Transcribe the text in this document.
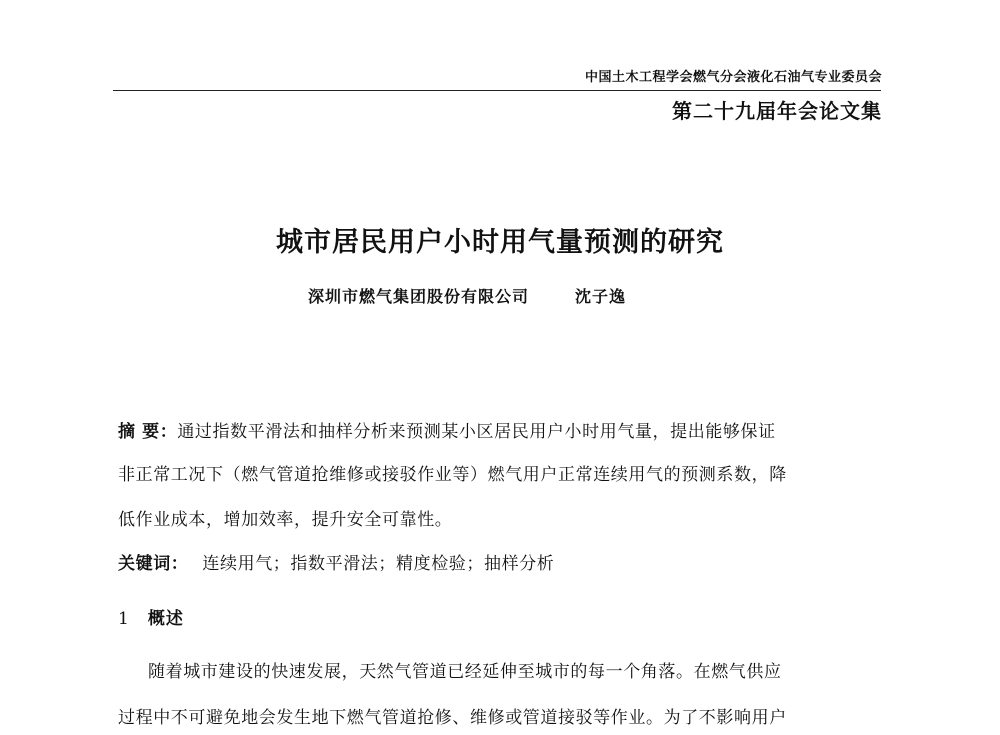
中国土木工程学会燃气分会液化石油气专业委员会
第二十九届年会论文集
城市居民用户小时用气量预测的研究
深圳市燃气集团股份有限公司	沈子逸
摘 要：通过指数平滑法和抽样分析来预测某小区居民用户小时用气量，提出能够保证
非正常工况下（燃气管道抢维修或接驳作业等）燃气用户正常连续用气的预测系数，降
低作业成本，增加效率，提升安全可靠性。
关键词： 连续用气；指数平滑法；精度检验；抽样分析
1 概述
随着城市建设的快速发展，天然气管道已经延伸至城市的每一个角落。在燃气供应
过程中不可避免地会发生地下燃气管道抢修、维修或管道接驳等作业。为了不影响用户
